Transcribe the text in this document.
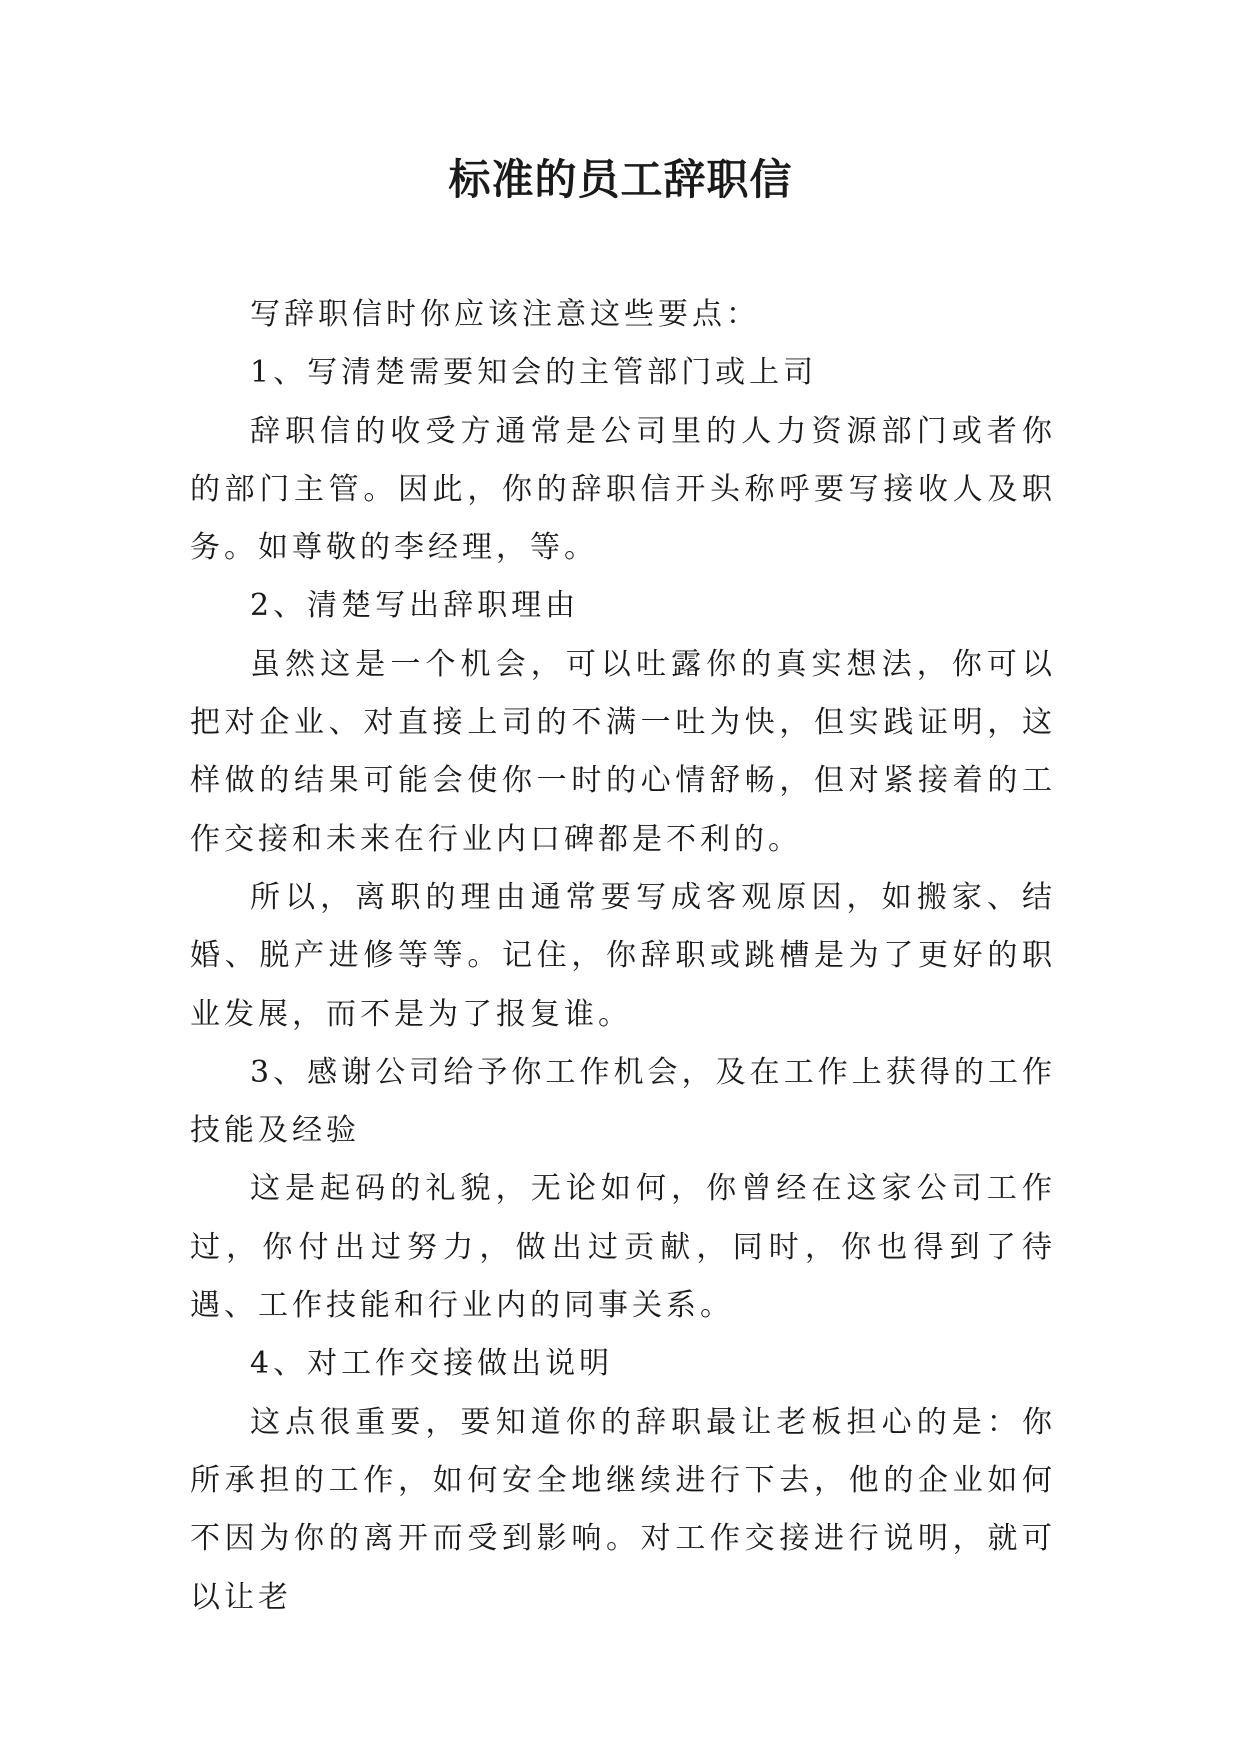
标准的员工辞职信

写辞职信时你应该注意这些要点：

1、写清楚需要知会的主管部门或上司

辞职信的收受方通常是公司里的人力资源部门或者你的部门主管。因此，你的辞职信开头称呼要写接收人及职务。如尊敬的李经理，等。

2、清楚写出辞职理由

虽然这是一个机会，可以吐露你的真实想法，你可以把对企业、对直接上司的不满一吐为快，但实践证明，这样做的结果可能会使你一时的心情舒畅，但对紧接着的工作交接和未来在行业内口碑都是不利的。

所以，离职的理由通常要写成客观原因，如搬家、结婚、脱产进修等等。记住，你辞职或跳槽是为了更好的职业发展，而不是为了报复谁。

3、感谢公司给予你工作机会，及在工作上获得的工作技能及经验

这是起码的礼貌，无论如何，你曾经在这家公司工作过，你付出过努力，做出过贡献，同时，你也得到了待遇、工作技能和行业内的同事关系。

4、对工作交接做出说明

这点很重要，要知道你的辞职最让老板担心的是：你所承担的工作，如何安全地继续进行下去，他的企业如何不因为你的离开而受到影响。对工作交接进行说明，就可以让老
